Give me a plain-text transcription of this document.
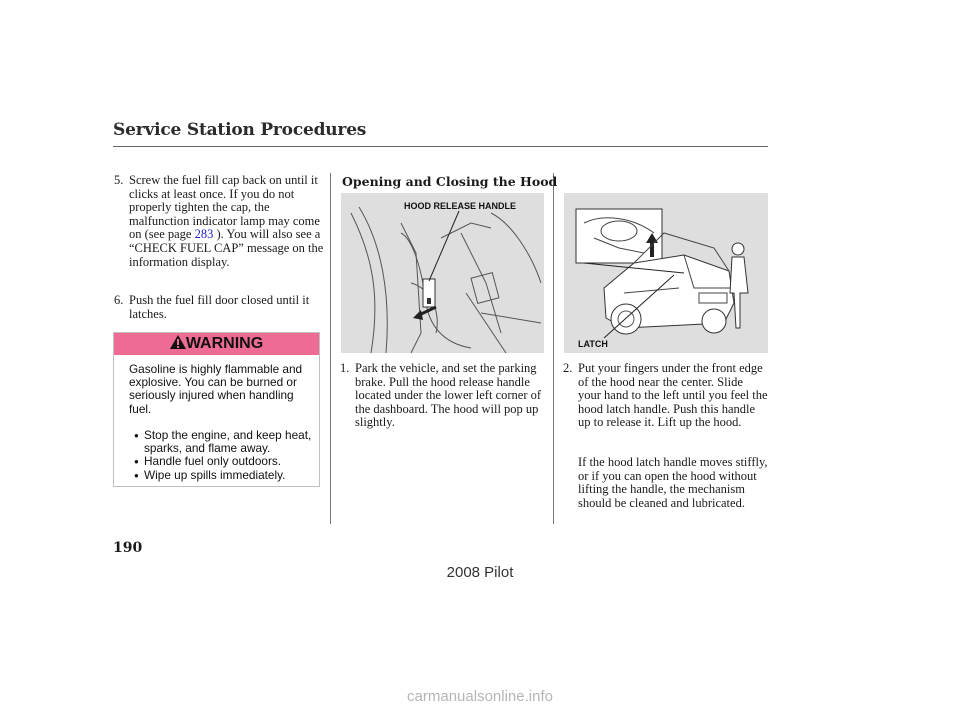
Service Station Procedures
5. Screw the fuel fill cap back on until it clicks at least once. If you do not properly tighten the cap, the malfunction indicator lamp may come on (see page 283 ). You will also see a “CHECK FUEL CAP” message on the information display.
6. Push the fuel fill door closed until it latches.
WARNING
Gasoline is highly flammable and explosive. You can be burned or seriously injured when handling fuel.
● Stop the engine, and keep heat, sparks, and flame away.
● Handle fuel only outdoors.
● Wipe up spills immediately.
Opening and Closing the Hood
HOOD RELEASE HANDLE
1. Park the vehicle, and set the parking brake. Pull the hood release handle located under the lower left corner of the dashboard. The hood will pop up slightly.
LATCH
2. Put your fingers under the front edge of the hood near the center. Slide your hand to the left until you feel the hood latch handle. Push this handle up to release it. Lift up the hood.
If the hood latch handle moves stiffly, or if you can open the hood without lifting the handle, the mechanism should be cleaned and lubricated.
190
2008 Pilot
carmanualsonline.info
